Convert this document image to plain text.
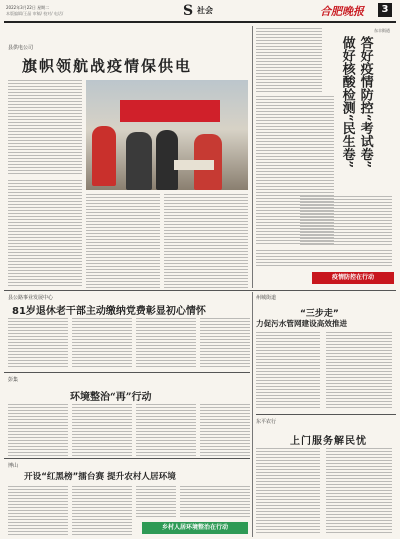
2022年3月22日 星期二
本版编辑/王晶 审稿/ 校对/ 电话/	S 社会	合肥晚报	3
县供电公司
旗帜领航战疫情保供电
东丰街道
做好核酸检测“民生卷” 答好疫情防控“考试卷”
疫情防控在行动
县公路事业发展中心
81岁退休老干部主动缴纳党费彰显初心情怀
州城街道
“三步走”
力促污水管网建设高效推进
彭集
环境整治“再”行动
东平农行
上门服务解民忧
博山
开设“红黑榜”擂台赛 提升农村人居环境
乡村人居环境整治在行动
